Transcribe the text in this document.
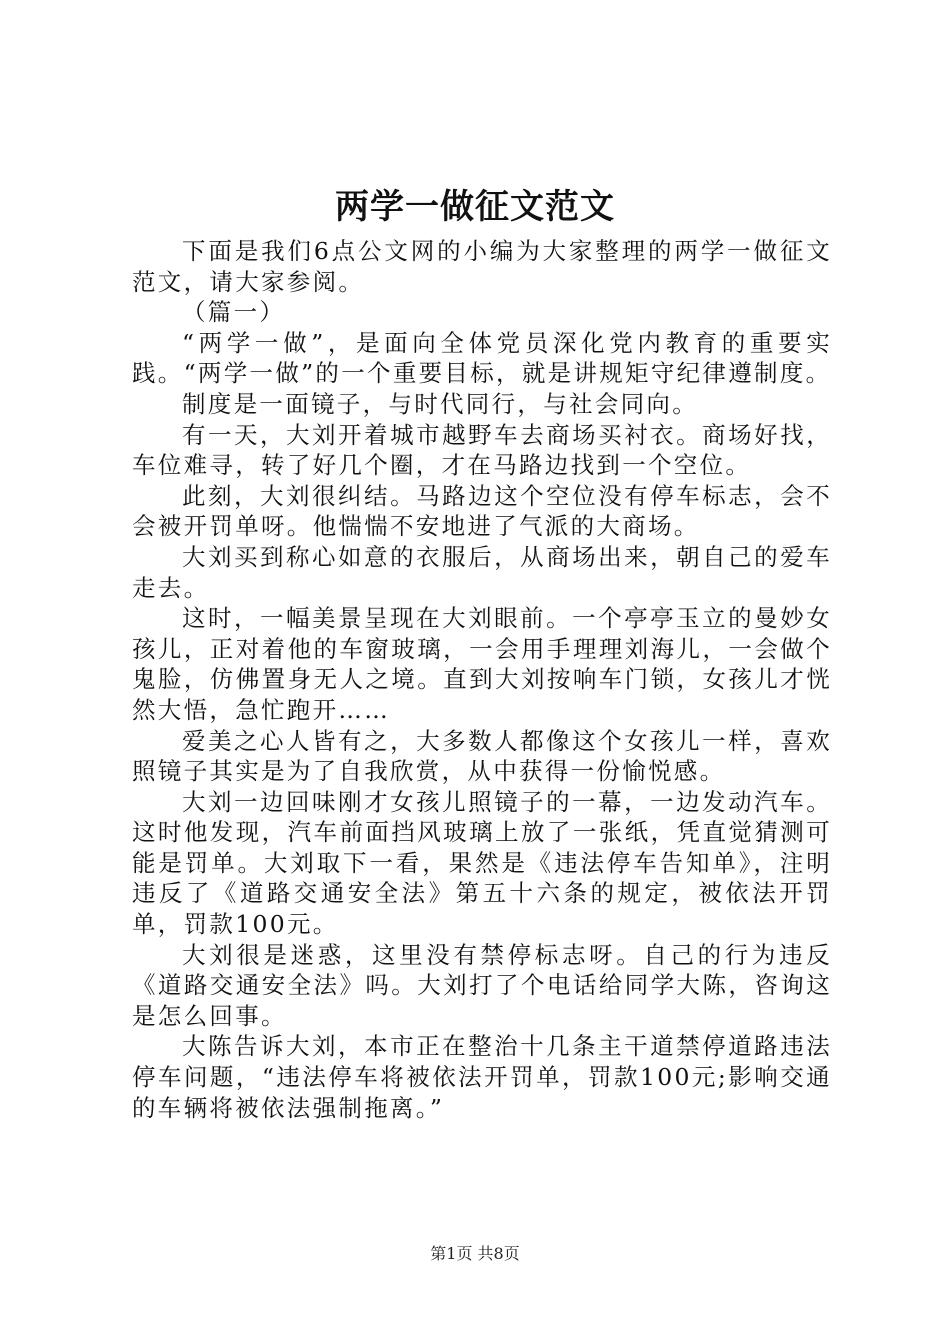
两学一做征文范文

下面是我们6点公文网的小编为大家整理的两学一做征文范文，请大家参阅。

（篇一）

“两学一做”，是面向全体党员深化党内教育的重要实践。“两学一做”的一个重要目标，就是讲规矩守纪律遵制度。

制度是一面镜子，与时代同行，与社会同向。

有一天，大刘开着城市越野车去商场买衬衣。商场好找，车位难寻，转了好几个圈，才在马路边找到一个空位。

此刻，大刘很纠结。马路边这个空位没有停车标志，会不会被开罚单呀。他惴惴不安地进了气派的大商场。

大刘买到称心如意的衣服后，从商场出来，朝自己的爱车走去。

这时，一幅美景呈现在大刘眼前。一个亭亭玉立的曼妙女孩儿，正对着他的车窗玻璃，一会用手理理刘海儿，一会做个鬼脸，仿佛置身无人之境。直到大刘按响车门锁，女孩儿才恍然大悟，急忙跑开……

爱美之心人皆有之，大多数人都像这个女孩儿一样，喜欢照镜子其实是为了自我欣赏，从中获得一份愉悦感。

大刘一边回味刚才女孩儿照镜子的一幕，一边发动汽车。这时他发现，汽车前面挡风玻璃上放了一张纸，凭直觉猜测可能是罚单。大刘取下一看，果然是《违法停车告知单》，注明违反了《道路交通安全法》第五十六条的规定，被依法开罚单，罚款100元。

大刘很是迷惑，这里没有禁停标志呀。自己的行为违反《道路交通安全法》吗。大刘打了个电话给同学大陈，咨询这是怎么回事。

大陈告诉大刘，本市正在整治十几条主干道禁停道路违法停车问题，“违法停车将被依法开罚单，罚款100元;影响交通的车辆将被依法强制拖离。”

第1页 共8页
